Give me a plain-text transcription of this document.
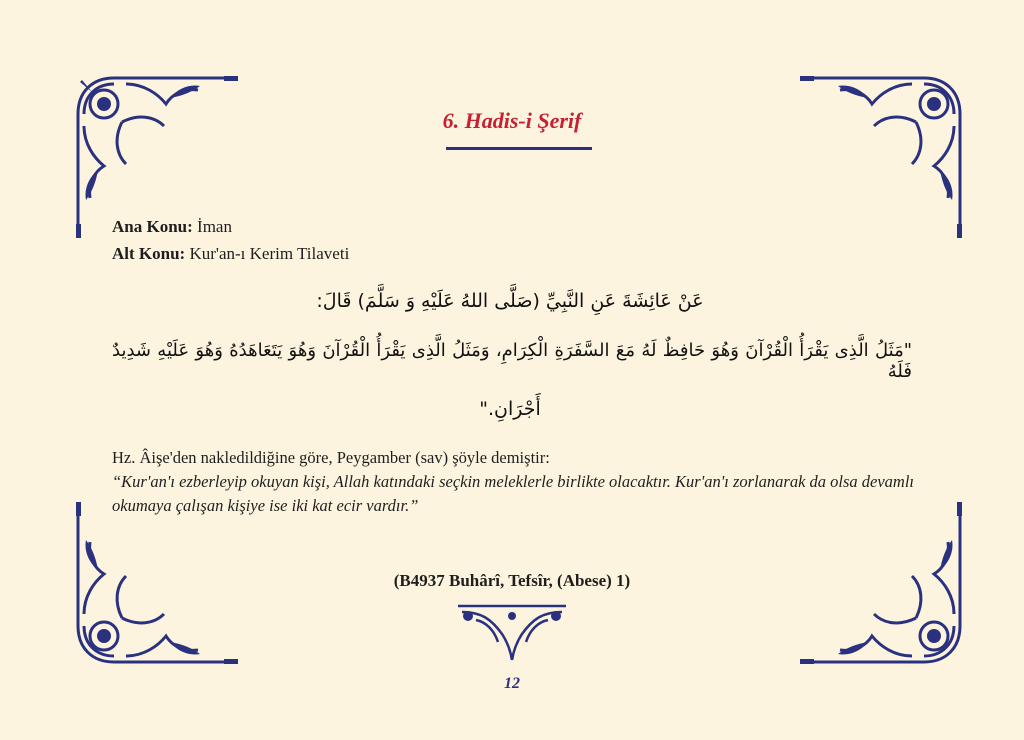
6. Hadis-i Şerif
Ana Konu: İman
Alt Konu: Kur'an-ı Kerim Tilaveti
عَنْ عَائِشَةَ عَنِ النَّبِيِّ (صَلَّى اللهُ عَلَيْهِ وَ سَلَّمَ) قَالَ:
"مَثَلُ الَّذِى يَقْرَأُ الْقُرْآنَ وَهُوَ حَافِظٌ لَهُ مَعَ السَّفَرَةِ الْكِرَامِ، وَمَثَلُ الَّذِى يَقْرَأُ الْقُرْآنَ وَهُوَ يَتَعَاهَدُهُ وَهُوَ عَلَيْهِ شَدِيدٌ فَلَهُ
أَجْرَانِ."
Hz. Âişe'den nakledildiğine göre, Peygamber (sav) şöyle demiştir:
“Kur'an'ı ezberleyip okuyan kişi, Allah katındaki seçkin meleklerle birlikte olacaktır. Kur'an'ı zorlanarak da olsa devamlı okumaya çalışan kişiye ise iki kat ecir vardır.”
(B4937 Buhârî, Tefsîr, (Abese) 1)
12
